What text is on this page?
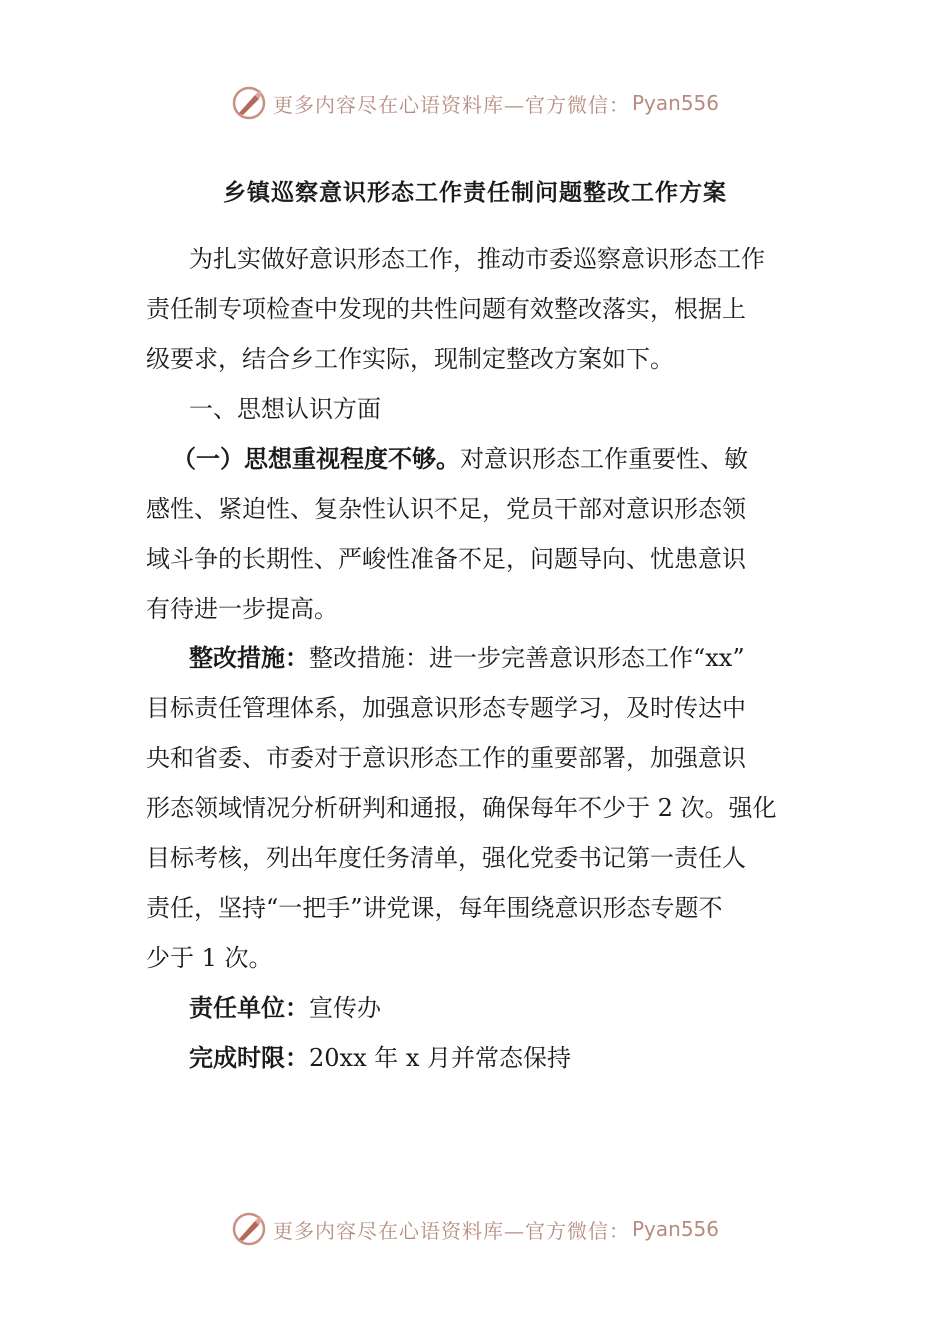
更多内容尽在心语资料库—官方微信： Pyan556
乡镇巡察意识形态工作责任制问题整改工作方案
为扎实做好意识形态工作，推动市委巡察意识形态工作
责任制专项检查中发现的共性问题有效整改落实，根据上
级要求，结合乡工作实际，现制定整改方案如下。
一、思想认识方面
（一）思想重视程度不够。对意识形态工作重要性、敏
感性、紧迫性、复杂性认识不足，党员干部对意识形态领
域斗争的长期性、严峻性准备不足，问题导向、忧患意识
有待进一步提高。
整改措施：整改措施：进一步完善意识形态工作“xx”
目标责任管理体系，加强意识形态专题学习，及时传达中
央和省委、市委对于意识形态工作的重要部署，加强意识
形态领域情况分析研判和通报，确保每年不少于 2 次。强化
目标考核，列出年度任务清单，强化党委书记第一责任人
责任，坚持“一把手”讲党课，每年围绕意识形态专题不
少于 1 次。
责任单位：宣传办
完成时限：20xx 年 x 月并常态保持
更多内容尽在心语资料库—官方微信： Pyan556
